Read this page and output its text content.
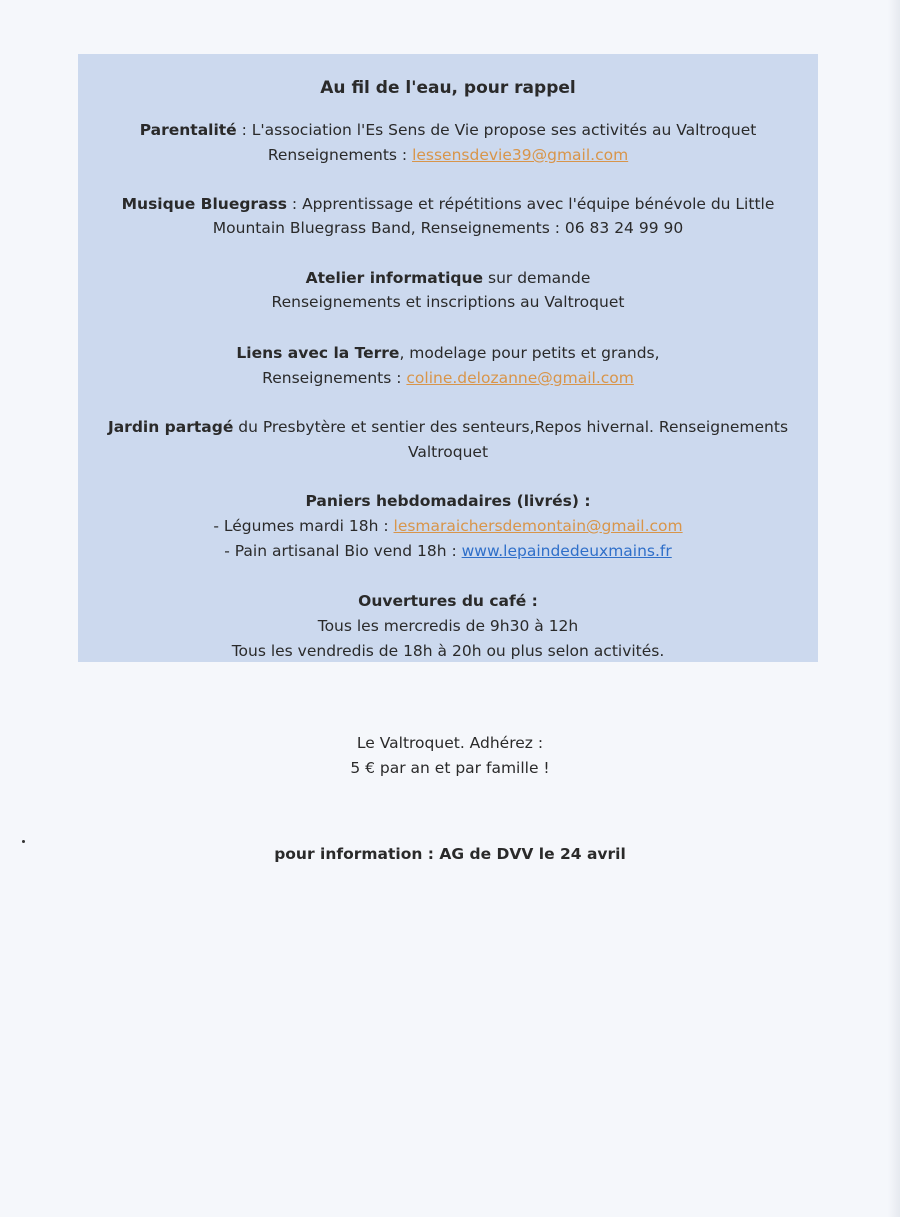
Au fil de l'eau, pour rappel
Parentalité : L'association l'Es Sens de Vie propose ses activités au Valtroquet
Renseignements : lessensdevie39@gmail.com
Musique Bluegrass : Apprentissage et répétitions avec l'équipe bénévole du Little
Mountain Bluegrass Band, Renseignements : 06 83 24 99 90
Atelier informatique sur demande
Renseignements et inscriptions au Valtroquet
Liens avec la Terre, modelage pour petits et grands,
Renseignements : coline.delozanne@gmail.com
Jardin partagé du Presbytère et sentier des senteurs,Repos hivernal. Renseignements
Valtroquet
Paniers hebdomadaires (livrés) :
- Légumes mardi 18h : lesmaraichersdemontain@gmail.com
- Pain artisanal Bio vend 18h : www.lepaindedeuxmains.fr
Ouvertures du café :
Tous les mercredis de 9h30 à 12h
Tous les vendredis de 18h à 20h ou plus selon activités.
Le Valtroquet. Adhérez :
5 € par an et par famille !
pour information : AG de DVV le 24 avril
